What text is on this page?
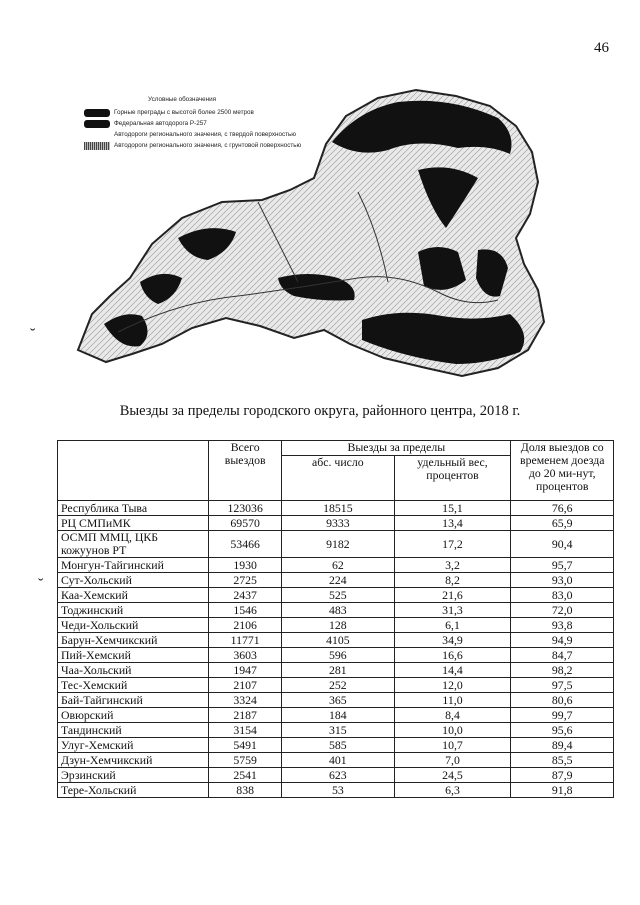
46
Условные обозначения
Горные преграды с высотой более 2500 метров
Федеральная автодорога Р-257
Автодороги регионального значения, с твердой поверхностью
Автодороги регионального значения, с грунтовой поверхностью
˘
˘
Выезды за пределы городского округа, районного центра, 2018 г.
	Всего выездов	Выезды за пределы		Доля выездов со временем доезда до 20 ми-нут, процентов
		абс. число	удельный вес, процентов	
Республика Тыва	123036	18515	15,1	76,6
РЦ СМПиМК	69570	9333	13,4	65,9
ОСМП ММЦ, ЦКБ кожуунов РТ	53466	9182	17,2	90,4
Монгун-Тайгинский	1930	62	3,2	95,7
Сут-Хольский	2725	224	8,2	93,0
Каа-Хемский	2437	525	21,6	83,0
Тоджинский	1546	483	31,3	72,0
Чеди-Хольский	2106	128	6,1	93,8
Барун-Хемчикский	11771	4105	34,9	94,9
Пий-Хемский	3603	596	16,6	84,7
Чаа-Хольский	1947	281	14,4	98,2
Тес-Хемский	2107	252	12,0	97,5
Бай-Тайгинский	3324	365	11,0	80,6
Овюрский	2187	184	8,4	99,7
Тандинский	3154	315	10,0	95,6
Улуг-Хемский	5491	585	10,7	89,4
Дзун-Хемчикский	5759	401	7,0	85,5
Эрзинский	2541	623	24,5	87,9
Тере-Хольский	838	53	6,3	91,8
